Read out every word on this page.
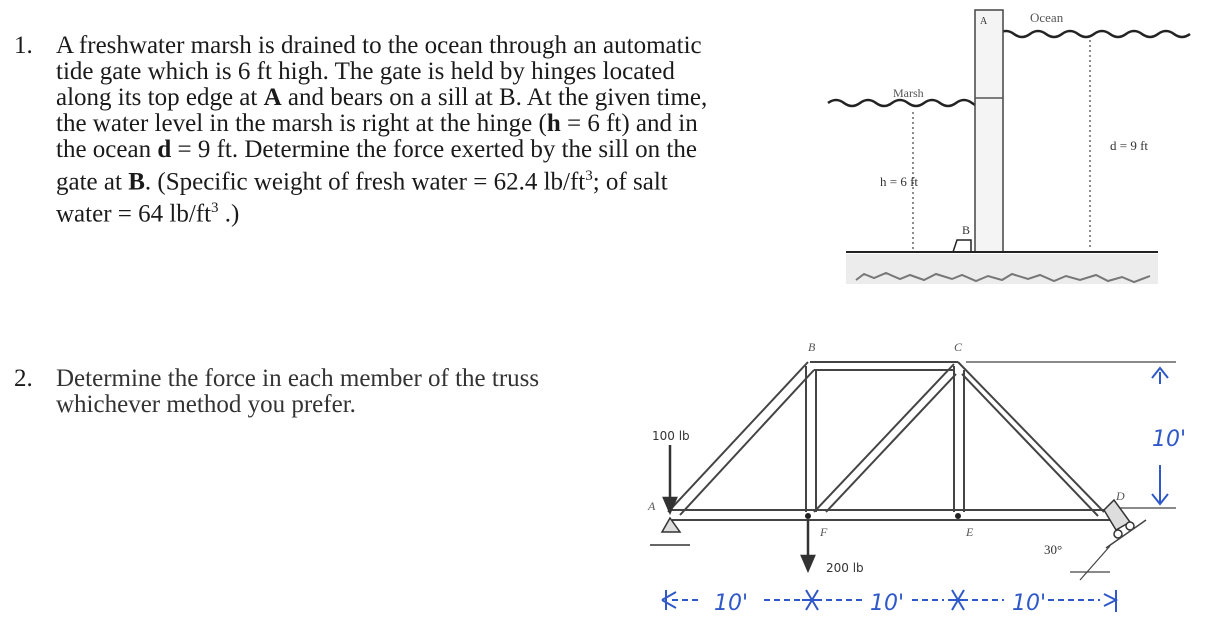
1. A freshwater marsh is drained to the ocean through an automatic
tide gate which is 6 ft high. The gate is held by hinges located
along its top edge at A and bears on a sill at B. At the given time,
the water level in the marsh is right at the hinge (h = 6 ft) and in
the ocean d = 9 ft. Determine the force exerted by the sill on the
gate at B. (Specific weight of fresh water = 62.4 $lb/ft^3$; of salt
water = 64 $lb/ft^3$ .)
2. Determine the force in each member of the truss
whichever method you prefer.
Ocean
Marsh
h = 6 ft
d = 9 ft
B
A
B	C
A
D
E
F
100 lb
200 lb
30°
10'
10'	10'	10'
